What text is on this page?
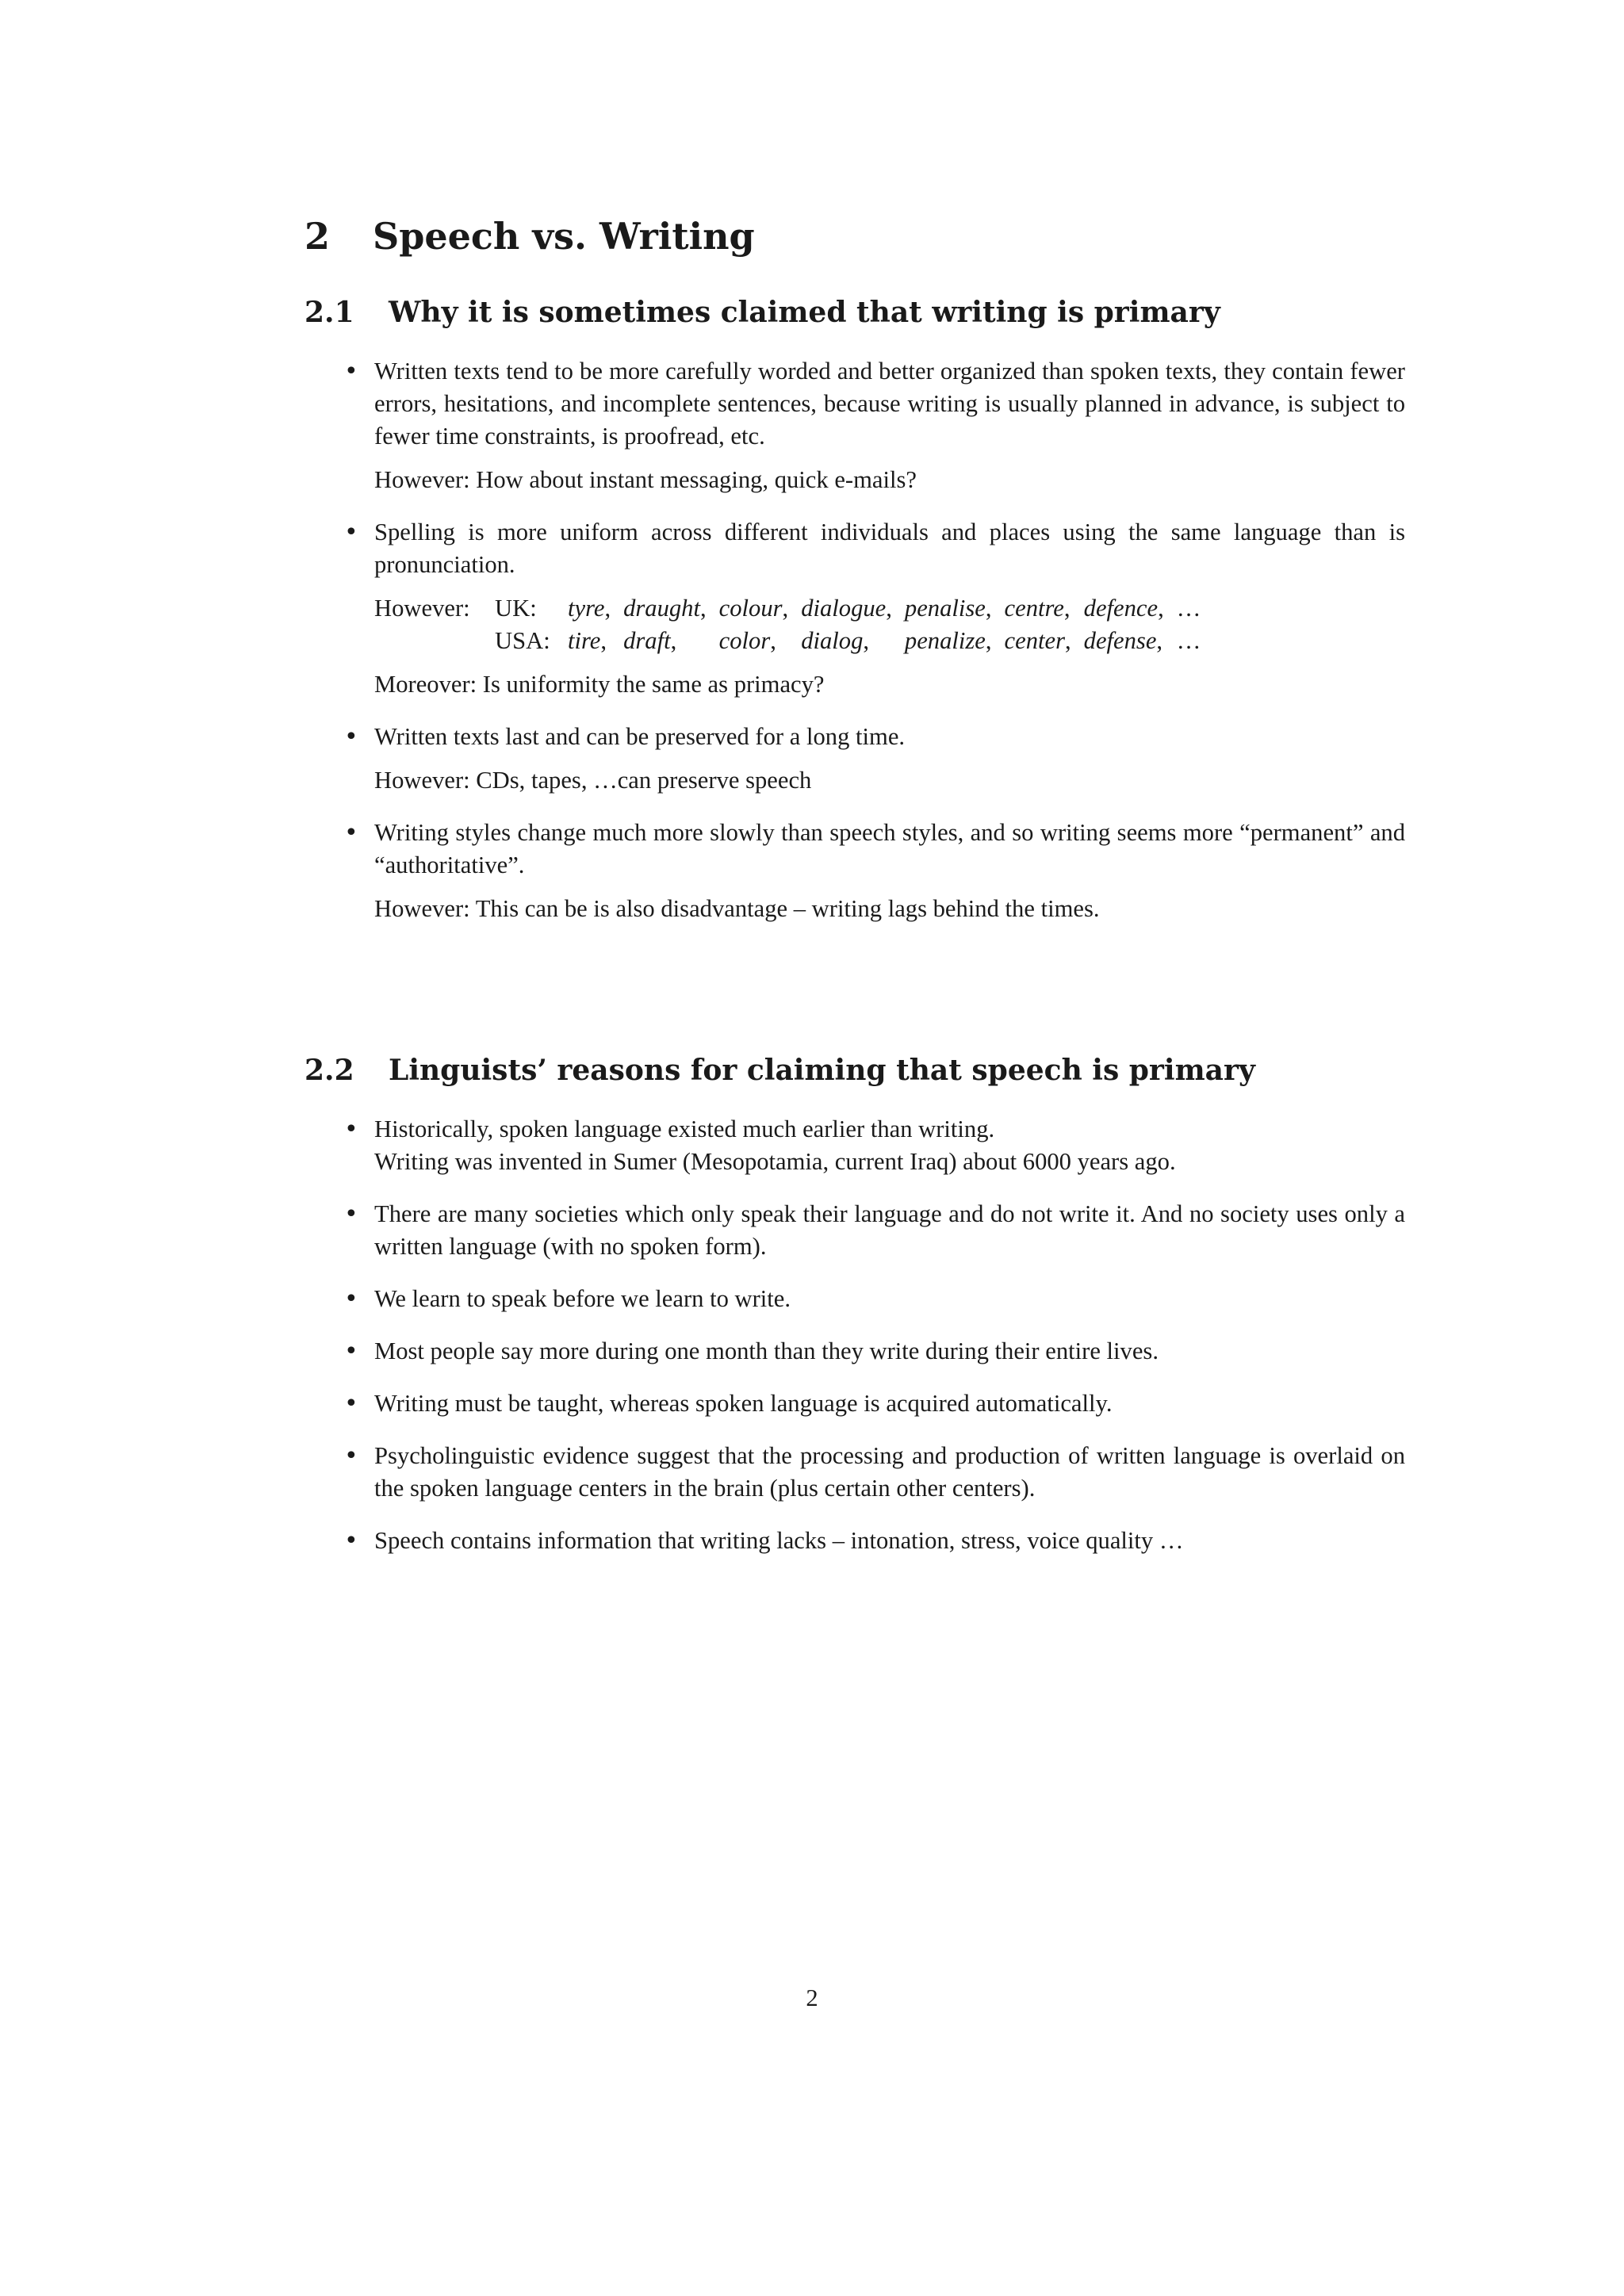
2 Speech vs. Writing
2.1 Why it is sometimes claimed that writing is primary
• Written texts tend to be more carefully worded and better organized than spoken texts, they contain fewer errors, hesitations, and incomplete sentences, because writing is usually planned in advance, is subject to fewer time constraints, is proofread, etc.

However: How about instant messaging, quick e-mails?

• Spelling is more uniform across different individuals and places using the same language than is pronunciation.

However:	UK:	tyre,	draught,	colour,	dialogue,	penalise,	centre,	defence,	…
	USA:	tire,	draft,	color,	dialog,	penalize,	center,	defense,	…

Moreover: Is uniformity the same as primacy?

• Written texts last and can be preserved for a long time.

However: CDs, tapes, …can preserve speech

• Writing styles change much more slowly than speech styles, and so writing seems more “permanent” and “authoritative”.

However: This can be is also disadvantage – writing lags behind the times.

2.2 Linguists’ reasons for claiming that speech is primary
• Historically, spoken language existed much earlier than writing.

Writing was invented in Sumer (Mesopotamia, current Iraq) about 6000 years ago.

• There are many societies which only speak their language and do not write it. And no society uses only a written language (with no spoken form).

• We learn to speak before we learn to write.

• Most people say more during one month than they write during their entire lives.

• Writing must be taught, whereas spoken language is acquired automatically.

• Psycholinguistic evidence suggest that the processing and production of written language is overlaid on the spoken language centers in the brain (plus certain other centers).

• Speech contains information that writing lacks – intonation, stress, voice quality …

2
